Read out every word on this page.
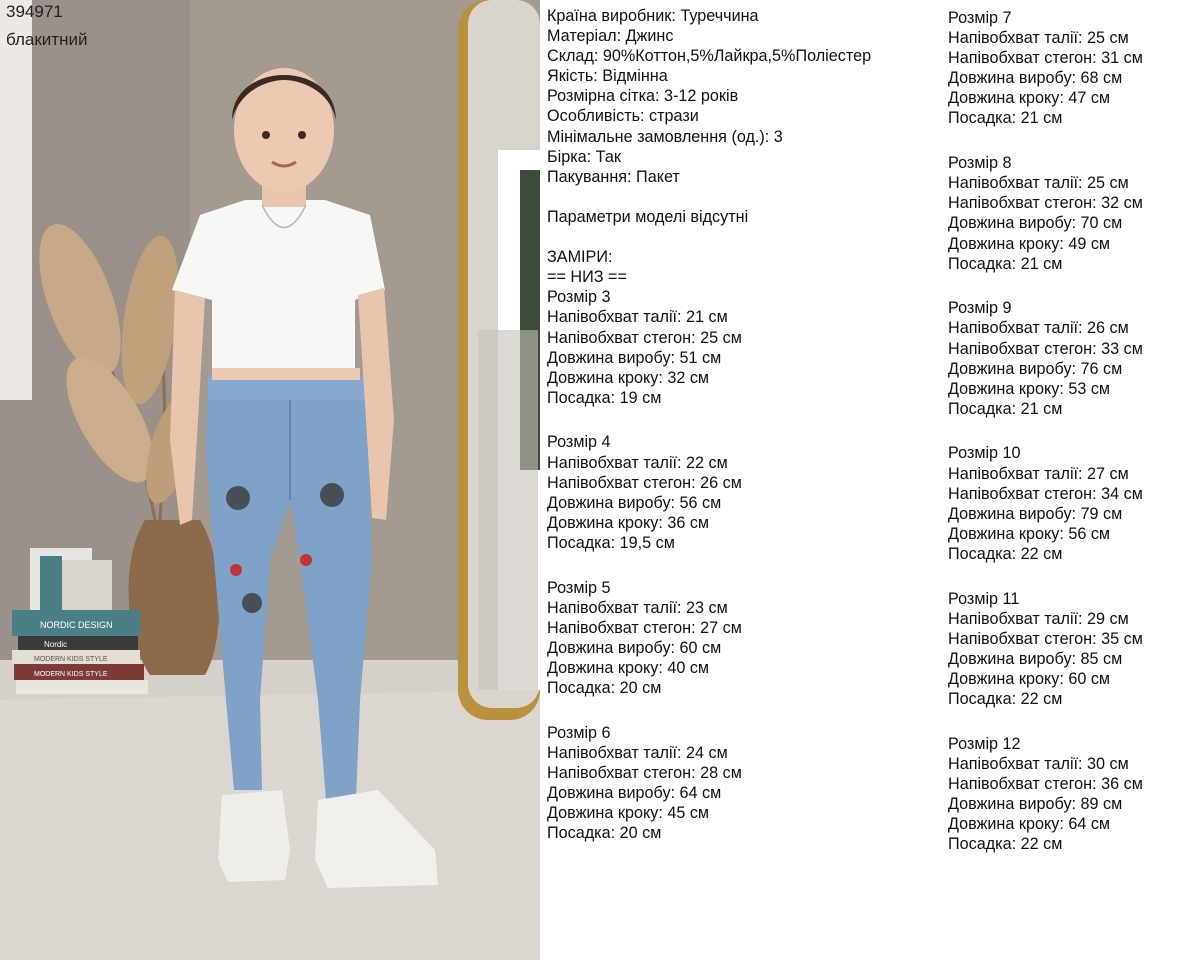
NORDIC DESIGN
Nordic
MODERN KIDS STYLE
MODERN KIDS STYLE
394971
блакитний
Країна виробник: Туреччина
Матеріал: Джинс
Склад: 90%Коттон,5%Лайкра,5%Поліестер
Якість: Відмінна
Розмірна сітка: 3-12 років
Особливість: стрази
Мінімальне замовлення (од.): 3
Бірка: Так
Пакування: Пакет
Параметри моделі відсутні
ЗАМІРИ:
== НИЗ ==
Розмір 3
Напівобхват талії: 21 см
Напівобхват стегон: 25 см
Довжина виробу: 51 см
Довжина кроку: 32 см
Посадка: 19 см
Розмір 4
Напівобхват талії: 22 см
Напівобхват стегон: 26 см
Довжина виробу: 56 см
Довжина кроку: 36 см
Посадка: 19,5 см
Розмір 5
Напівобхват талії: 23 см
Напівобхват стегон: 27 см
Довжина виробу: 60 см
Довжина кроку: 40 см
Посадка: 20 см
Розмір 6
Напівобхват талії: 24 см
Напівобхват стегон: 28 см
Довжина виробу: 64 см
Довжина кроку: 45 см
Посадка: 20 см
Розмір 7
Напівобхват талії: 25 см
Напівобхват стегон: 31 см
Довжина виробу: 68 см
Довжина кроку: 47 см
Посадка: 21 см
Розмір 8
Напівобхват талії: 25 см
Напівобхват стегон: 32 см
Довжина виробу: 70 см
Довжина кроку: 49 см
Посадка: 21 см
Розмір 9
Напівобхват талії: 26 см
Напівобхват стегон: 33 см
Довжина виробу: 76 см
Довжина кроку: 53 см
Посадка: 21 см
Розмір 10
Напівобхват талії: 27 см
Напівобхват стегон: 34 см
Довжина виробу: 79 см
Довжина кроку: 56 см
Посадка: 22 см
Розмір 11
Напівобхват талії: 29 см
Напівобхват стегон: 35 см
Довжина виробу: 85 см
Довжина кроку: 60 см
Посадка: 22 см
Розмір 12
Напівобхват талії: 30 см
Напівобхват стегон: 36 см
Довжина виробу: 89 см
Довжина кроку: 64 см
Посадка: 22 см
